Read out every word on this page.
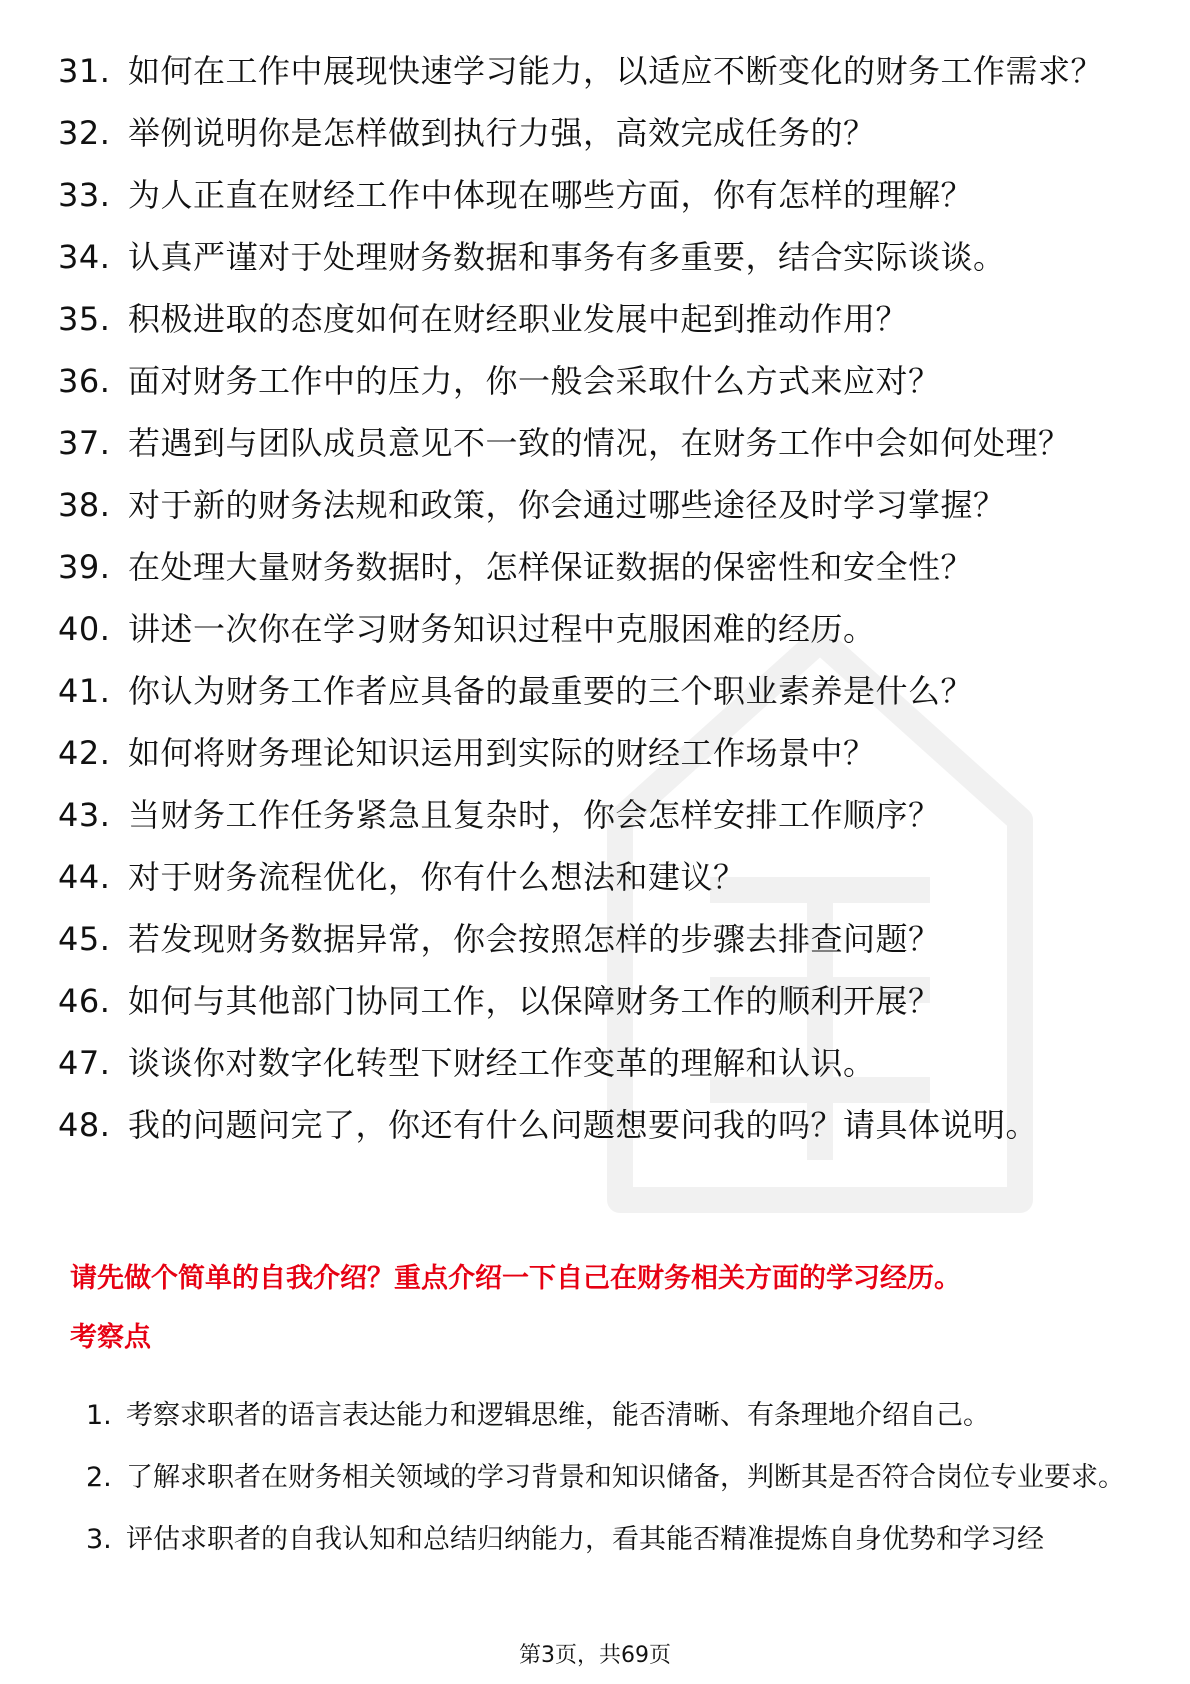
31. 如何在工作中展现快速学习能力，以适应不断变化的财务工作需求？
32. 举例说明你是怎样做到执行力强，高效完成任务的？
33. 为人正直在财经工作中体现在哪些方面，你有怎样的理解？
34. 认真严谨对于处理财务数据和事务有多重要，结合实际谈谈。
35. 积极进取的态度如何在财经职业发展中起到推动作用？
36. 面对财务工作中的压力，你一般会采取什么方式来应对？
37. 若遇到与团队成员意见不一致的情况，在财务工作中会如何处理？
38. 对于新的财务法规和政策，你会通过哪些途径及时学习掌握？
39. 在处理大量财务数据时，怎样保证数据的保密性和安全性？
40. 讲述一次你在学习财务知识过程中克服困难的经历。
41. 你认为财务工作者应具备的最重要的三个职业素养是什么？
42. 如何将财务理论知识运用到实际的财经工作场景中？
43. 当财务工作任务紧急且复杂时，你会怎样安排工作顺序？
44. 对于财务流程优化，你有什么想法和建议？
45. 若发现财务数据异常，你会按照怎样的步骤去排查问题？
46. 如何与其他部门协同工作，以保障财务工作的顺利开展？
47. 谈谈你对数字化转型下财经工作变革的理解和认识。
48. 我的问题问完了，你还有什么问题想要问我的吗？请具体说明。
请先做个简单的自我介绍？重点介绍一下自己在财务相关方面的学习经历。
考察点
1. 考察求职者的语言表达能力和逻辑思维，能否清晰、有条理地介绍自己。
2. 了解求职者在财务相关领域的学习背景和知识储备，判断其是否符合岗位专业要求。
3. 评估求职者的自我认知和总结归纳能力，看其能否精准提炼自身优势和学习经
第3页，共69页
